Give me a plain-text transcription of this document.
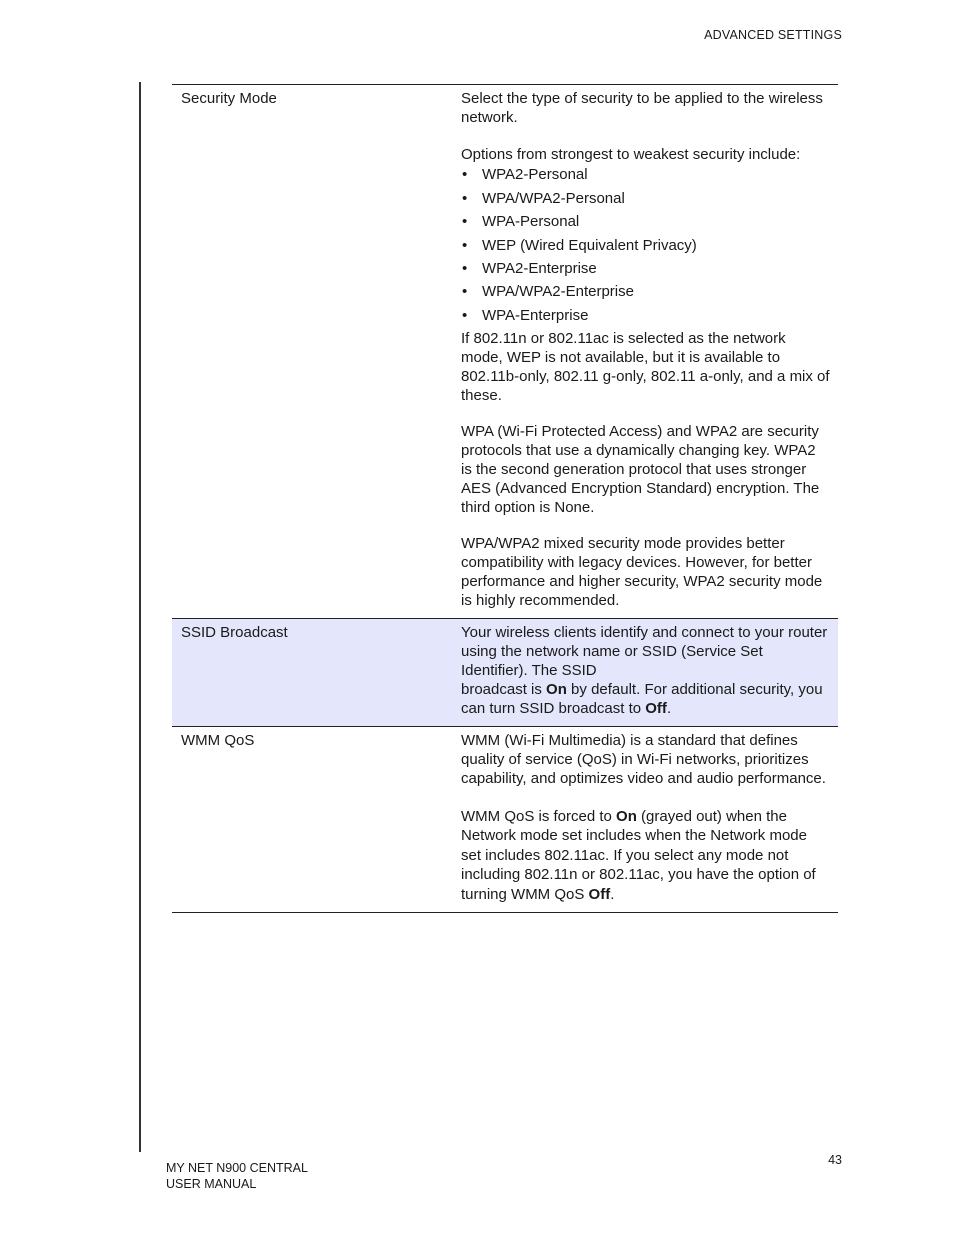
ADVANCED SETTINGS
Security Mode	Select the type of security to be applied to the wireless network.

Options from strongest to weakest security include:

• WPA2-Personal
• WPA/WPA2-Personal
• WPA-Personal
• WEP (Wired Equivalent Privacy)
• WPA2-Enterprise
• WPA/WPA2-Enterprise
• WPA-Enterprise

If 802.11n or 802.11ac is selected as the network mode, WEP is not available, but it is available to 802.11b-only, 802.11 g-only, 802.11 a-only, and a mix of these.

WPA (Wi-Fi Protected Access) and WPA2 are security protocols that use a dynamically changing key. WPA2 is the second generation protocol that uses stronger AES (Advanced Encryption Standard) encryption. The third option is None.

WPA/WPA2 mixed security mode provides better compatibility with legacy devices. However, for better performance and higher security, WPA2 security mode is highly recommended.

SSID Broadcast	Your wireless clients identify and connect to your router using the network name or SSID (Service Set Identifier). The SSID
broadcast is On by default. For additional security, you can turn SSID broadcast to Off.

WMM QoS	WMM (Wi-Fi Multimedia) is a standard that defines quality of service (QoS) in Wi-Fi networks, prioritizes capability, and optimizes video and audio performance.

WMM QoS is forced to On (grayed out) when the Network mode set includes when the Network mode set includes 802.11ac. If you select any mode not including 802.11n or 802.11ac, you have the option of turning WMM QoS Off.

MY NET N900 CENTRAL
USER MANUAL
43
